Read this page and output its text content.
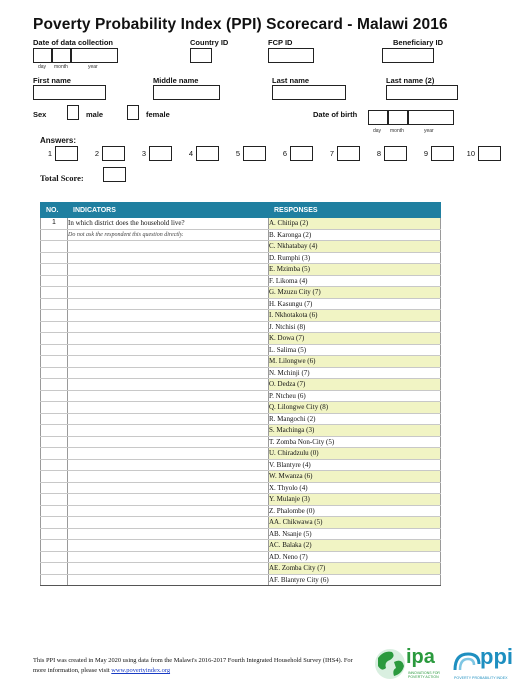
Poverty Probability Index (PPI) Scorecard - Malawi 2016
Date of data collection	Country ID	FCP ID	Beneficiary ID
day month	year
First name	Middle name	Last name	Last name (2)
Sex	male	female	Date of birth
day month	year
Answers:
1	2	3	4	5	6	7	8	9	10
Total Score:
NO.	INDICATORS	RESPONSES
1	In which district does the household live?	A. Chitipa (2)
	Do not ask the respondent this question directly.	B. Karonga (2)
		C. Nkhatabay (4)
		D. Rumphi (3)
		E. Mzimba (5)
		F. Likoma (4)
		G. Mzuzu City (7)
		H. Kasungu (7)
		I. Nkhotakota (6)
		J. Ntchisi (8)
		K. Dowa (7)
		L. Salima (5)
		M. Lilongwe (6)
		N. Mchinji (7)
		O. Dedza (7)
		P. Ntcheu (6)
		Q. Lilongwe City (8)
		R. Mangochi (2)
		S. Machinga (3)
		T. Zomba Non-City (5)
		U. Chiradzulu (0)
		V. Blantyre (4)
		W. Mwanza (6)
		X. Thyolo (4)
		Y. Mulanje (3)
		Z. Phalombe (0)
		AA. Chikwawa (5)
		AB. Nsanje (5)
		AC. Balaka (2)
		AD. Neno (7)
		AE. Zomba City (7)
		AF. Blantyre City (6)
This PPI was created in May 2020 using data from the Malawi's 2016-2017 Fourth Integrated Household Survey (IHS4). For more information, please visit www.povertyindex.org
ipa
INNOVATIONS FOR POVERTY ACTION
ppi
POVERTY PROBABILITY INDEX
